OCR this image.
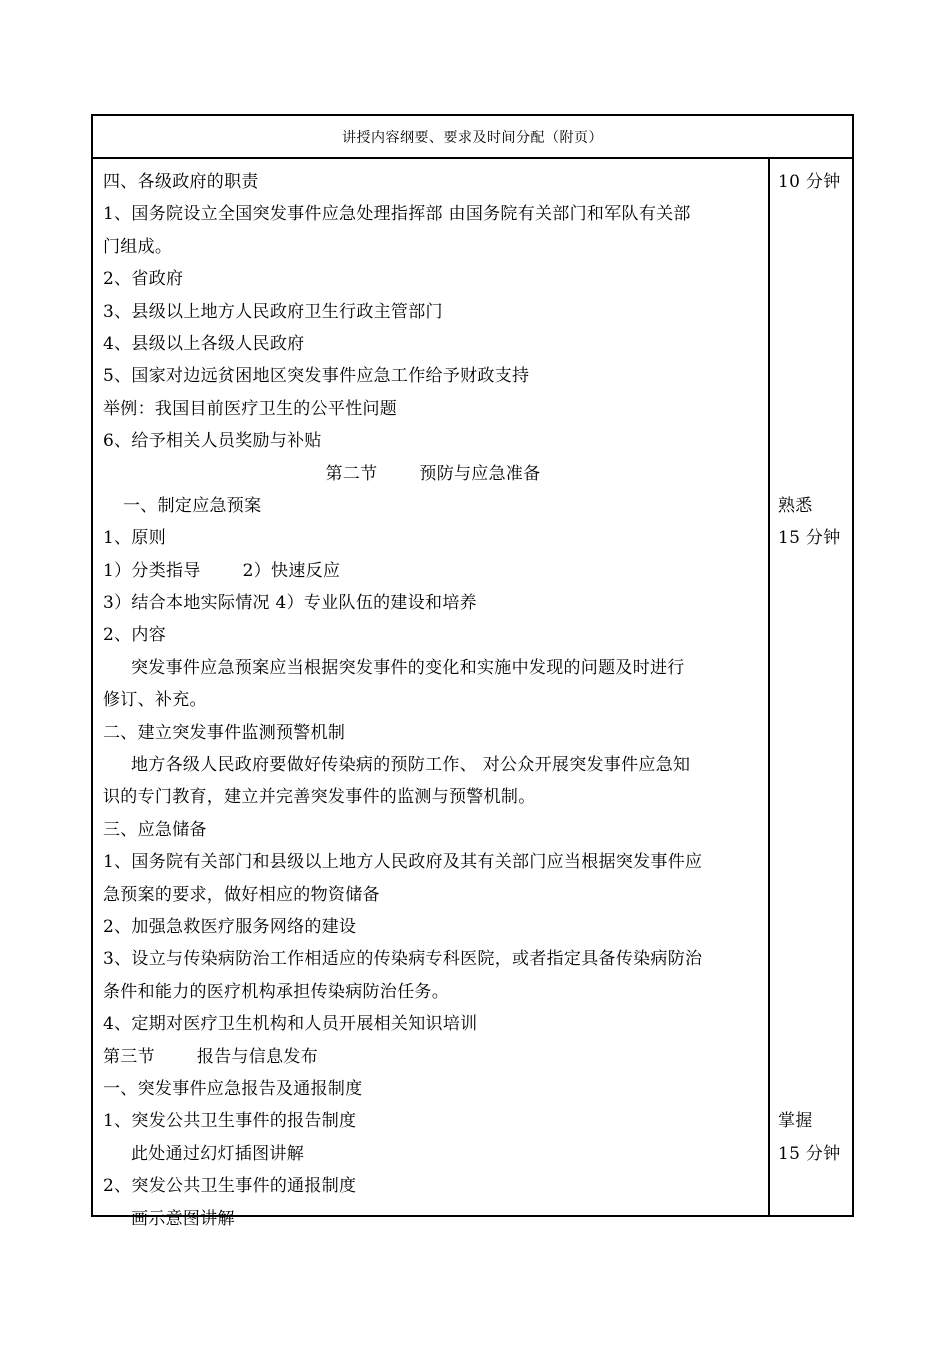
讲授内容纲要、要求及时间分配（附页）
四、各级政府的职责
1、国务院设立全国突发事件应急处理指挥部 由国务院有关部门和军队有关部
门组成。
2、省政府
3、县级以上地方人民政府卫生行政主管部门
4、县级以上各级人民政府
5、国家对边远贫困地区突发事件应急工作给予财政支持
举例：我国目前医疗卫生的公平性问题
6、给予相关人员奖励与补贴
第二节 预防与应急准备
一、制定应急预案
1、原则
1）分类指导 2）快速反应
3）结合本地实际情况 4）专业队伍的建设和培养
2、内容
突发事件应急预案应当根据突发事件的变化和实施中发现的问题及时进行
修订、补充。
二、建立突发事件监测预警机制
地方各级人民政府要做好传染病的预防工作、 对公众开展突发事件应急知
识的专门教育，建立并完善突发事件的监测与预警机制。
三、应急储备
1、国务院有关部门和县级以上地方人民政府及其有关部门应当根据突发事件应
急预案的要求，做好相应的物资储备
2、加强急救医疗服务网络的建设
3、设立与传染病防治工作相适应的传染病专科医院，或者指定具备传染病防治
条件和能力的医疗机构承担传染病防治任务。
4、定期对医疗卫生机构和人员开展相关知识培训
第三节 报告与信息发布
一、突发事件应急报告及通报制度
1、突发公共卫生事件的报告制度
此处通过幻灯插图讲解
2、突发公共卫生事件的通报制度
画示意图讲解
10 分钟
熟悉
15 分钟
掌握
15 分钟
